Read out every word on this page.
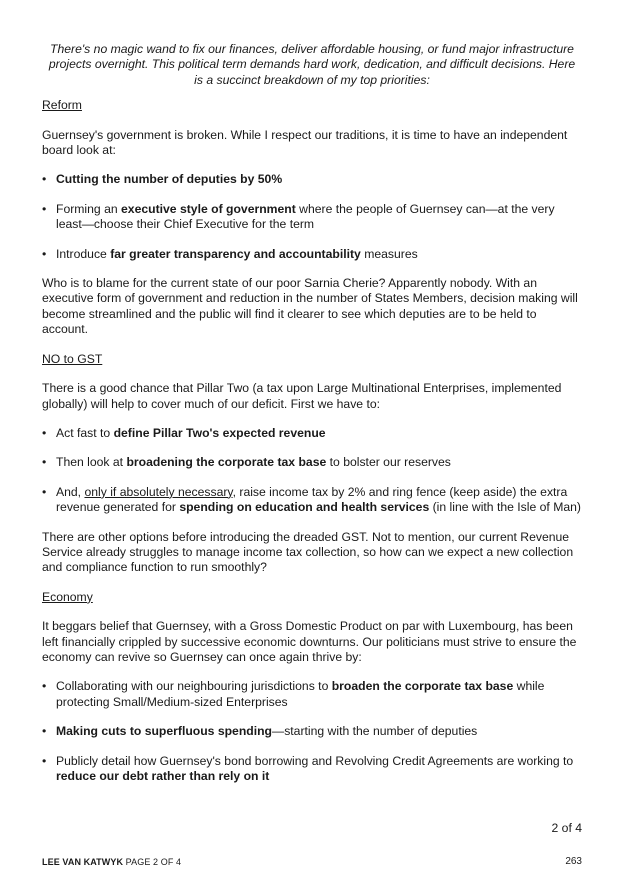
There's no magic wand to fix our finances, deliver affordable housing, or fund major infrastructure projects overnight. This political term demands hard work, dedication, and difficult decisions. Here is a succinct breakdown of my top priorities:

Reform

Guernsey's government is broken. While I respect our traditions, it is time to have an independent board look at:

• Cutting the number of deputies by 50%
• Forming an executive style of government where the people of Guernsey can—at the very least—choose their Chief Executive for the term
• Introduce far greater transparency and accountability measures

Who is to blame for the current state of our poor Sarnia Cherie? Apparently nobody. With an executive form of government and reduction in the number of States Members, decision making will become streamlined and the public will find it clearer to see which deputies are to be held to account.

NO to GST

There is a good chance that Pillar Two (a tax upon Large Multinational Enterprises, implemented globally) will help to cover much of our deficit. First we have to:

• Act fast to define Pillar Two's expected revenue
• Then look at broadening the corporate tax base to bolster our reserves
• And, only if absolutely necessary, raise income tax by 2% and ring fence (keep aside) the extra revenue generated for spending on education and health services (in line with the Isle of Man)

There are other options before introducing the dreaded GST. Not to mention, our current Revenue Service already struggles to manage income tax collection, so how can we expect a new collection and compliance function to run smoothly?

Economy

It beggars belief that Guernsey, with a Gross Domestic Product on par with Luxembourg, has been left financially crippled by successive economic downturns. Our politicians must strive to ensure the economy can revive so Guernsey can once again thrive by:

• Collaborating with our neighbouring jurisdictions to broaden the corporate tax base while protecting Small/Medium-sized Enterprises
• Making cuts to superfluous spending—starting with the number of deputies
• Publicly detail how Guernsey's bond borrowing and Revolving Credit Agreements are working to reduce our debt rather than rely on it
2 of 4
LEE VAN KATWYK PAGE 2 OF 4	263
